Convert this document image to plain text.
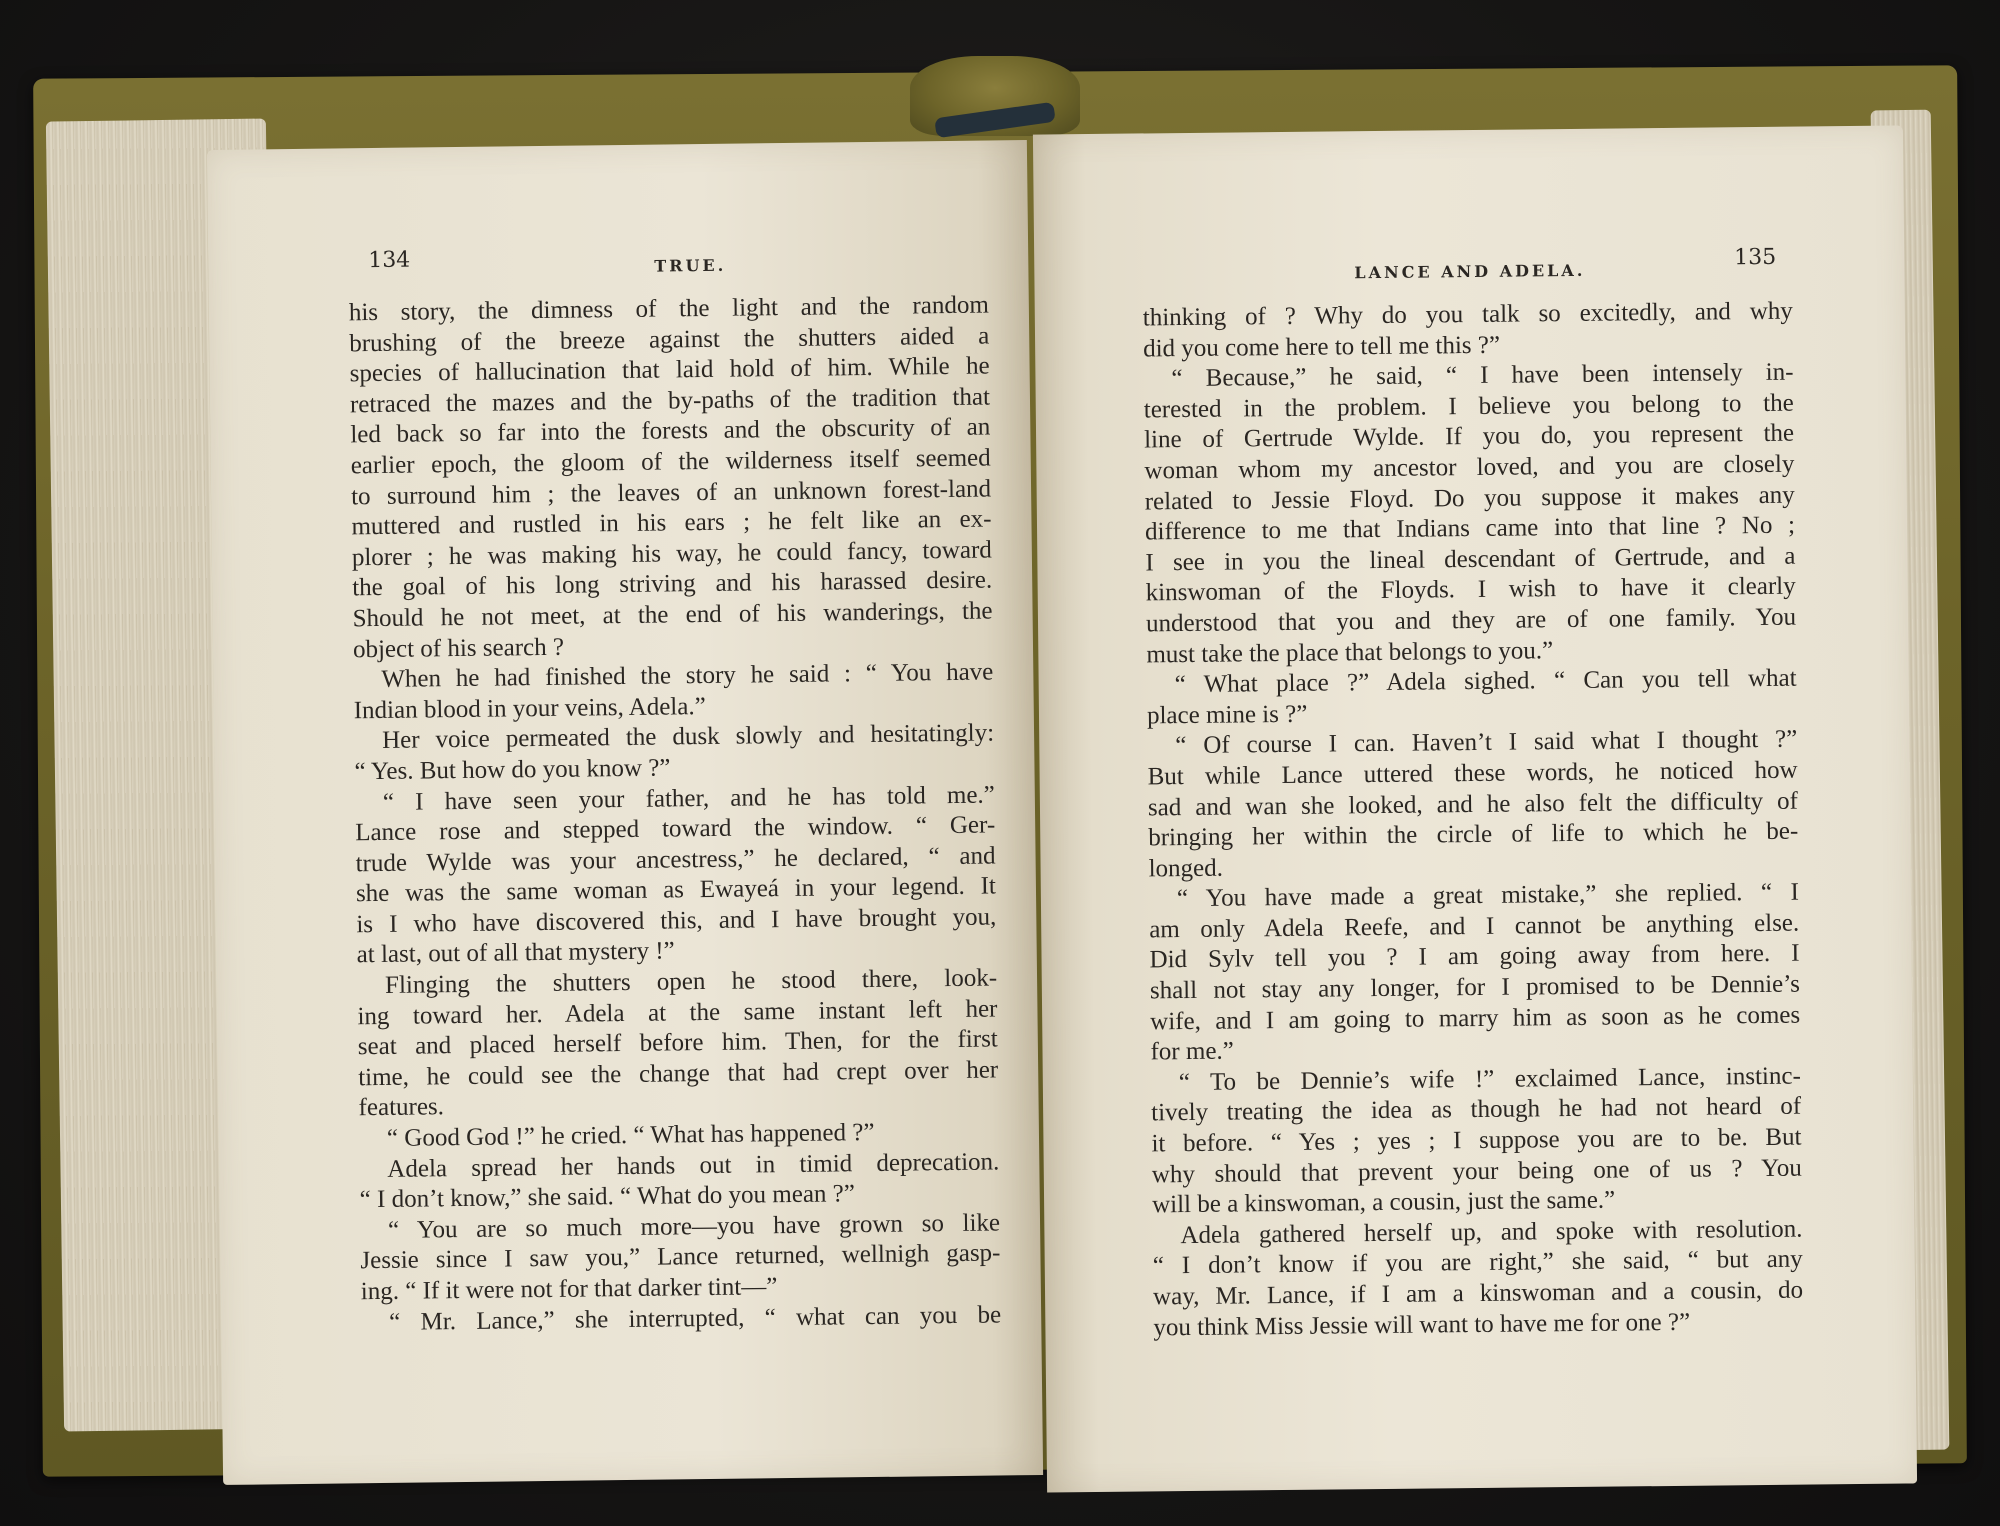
134	TRUE.
his story, the dimness of the light and the random
brushing of the breeze against the shutters aided a
species of hallucination that laid hold of him. While he
retraced the mazes and the by-paths of the tradition that
led back so far into the forests and the obscurity of an
earlier epoch, the gloom of the wilderness itself seemed
to surround him ; the leaves of an unknown forest-land
muttered and rustled in his ears ; he felt like an ex-
plorer ; he was making his way, he could fancy, toward
the goal of his long striving and his harassed desire.
Should he not meet, at the end of his wanderings, the
object of his search ?
When he had finished the story he said : “ You have
Indian blood in your veins, Adela.”
Her voice permeated the dusk slowly and hesitatingly:
“ Yes. But how do you know ?”
“ I have seen your father, and he has told me.”
Lance rose and stepped toward the window. “ Ger-
trude Wylde was your ancestress,” he declared, “ and
she was the same woman as Ewayeá in your legend. It
is I who have discovered this, and I have brought you,
at last, out of all that mystery !”
Flinging the shutters open he stood there, look-
ing toward her. Adela at the same instant left her
seat and placed herself before him. Then, for the first
time, he could see the change that had crept over her
features.
“ Good God !” he cried. “ What has happened ?”
Adela spread her hands out in timid deprecation.
“ I don’t know,” she said. “ What do you mean ?”
“ You are so much more—you have grown so like
Jessie since I saw you,” Lance returned, wellnigh gasp-
ing. “ If it were not for that darker tint—”
“ Mr. Lance,” she interrupted, “ what can you be
LANCE AND ADELA.
135
thinking of ? Why do you talk so excitedly, and why
did you come here to tell me this ?”
“ Because,” he said, “ I have been intensely in-
terested in the problem. I believe you belong to the
line of Gertrude Wylde. If you do, you represent the
woman whom my ancestor loved, and you are closely
related to Jessie Floyd. Do you suppose it makes any
difference to me that Indians came into that line ? No ;
I see in you the lineal descendant of Gertrude, and a
kinswoman of the Floyds. I wish to have it clearly
understood that you and they are of one family. You
must take the place that belongs to you.”
“ What place ?” Adela sighed. “ Can you tell what
place mine is ?”
“ Of course I can. Haven’t I said what I thought ?”
But while Lance uttered these words, he noticed how
sad and wan she looked, and he also felt the difficulty of
bringing her within the circle of life to which he be-
longed.
“ You have made a great mistake,” she replied. “ I
am only Adela Reefe, and I cannot be anything else.
Did Sylv tell you ? I am going away from here. I
shall not stay any longer, for I promised to be Dennie’s
wife, and I am going to marry him as soon as he comes
for me.”
“ To be Dennie’s wife !” exclaimed Lance, instinc-
tively treating the idea as though he had not heard of
it before. “ Yes ; yes ; I suppose you are to be. But
why should that prevent your being one of us ? You
will be a kinswoman, a cousin, just the same.”
Adela gathered herself up, and spoke with resolution.
“ I don’t know if you are right,” she said, “ but any
way, Mr. Lance, if I am a kinswoman and a cousin, do
you think Miss Jessie will want to have me for one ?”
